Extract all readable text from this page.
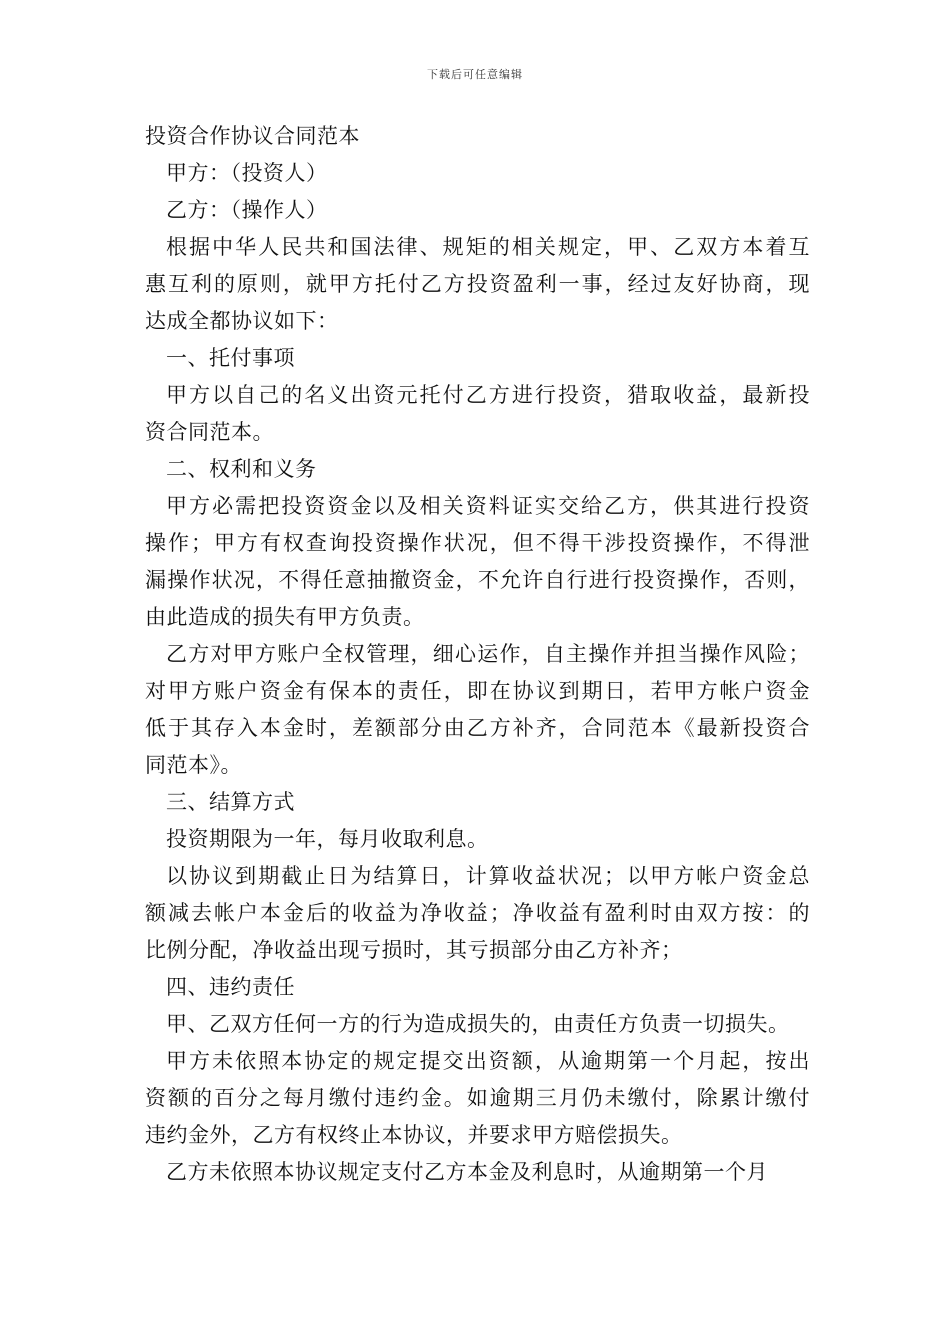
下载后可任意编辑
投资合作协议合同范本
甲方：（投资人）
乙方：（操作人）
根据中华人民共和国法律、规矩的相关规定，甲、乙双方本着互
惠互利的原则，就甲方托付乙方投资盈利一事，经过友好协商，现
达成全都协议如下：
一、托付事项
甲方以自己的名义出资元托付乙方进行投资，猎取收益，最新投
资合同范本。
二、权利和义务
甲方必需把投资资金以及相关资料证实交给乙方，供其进行投资
操作；甲方有权查询投资操作状况，但不得干涉投资操作，不得泄
漏操作状况，不得任意抽撤资金，不允许自行进行投资操作，否则，
由此造成的损失有甲方负责。
乙方对甲方账户全权管理，细心运作，自主操作并担当操作风险；
对甲方账户资金有保本的责任，即在协议到期日，若甲方帐户资金
低于其存入本金时，差额部分由乙方补齐，合同范本《最新投资合
同范本》。
三、结算方式
投资期限为一年，每月收取利息。
以协议到期截止日为结算日，计算收益状况；以甲方帐户资金总
额减去帐户本金后的收益为净收益；净收益有盈利时由双方按：的
比例分配，净收益出现亏损时，其亏损部分由乙方补齐；
四、违约责任
甲、乙双方任何一方的行为造成损失的，由责任方负责一切损失。
甲方未依照本协定的规定提交出资额，从逾期第一个月起，按出
资额的百分之每月缴付违约金。如逾期三月仍未缴付，除累计缴付
违约金外，乙方有权终止本协议，并要求甲方赔偿损失。
乙方未依照本协议规定支付乙方本金及利息时，从逾期第一个月
